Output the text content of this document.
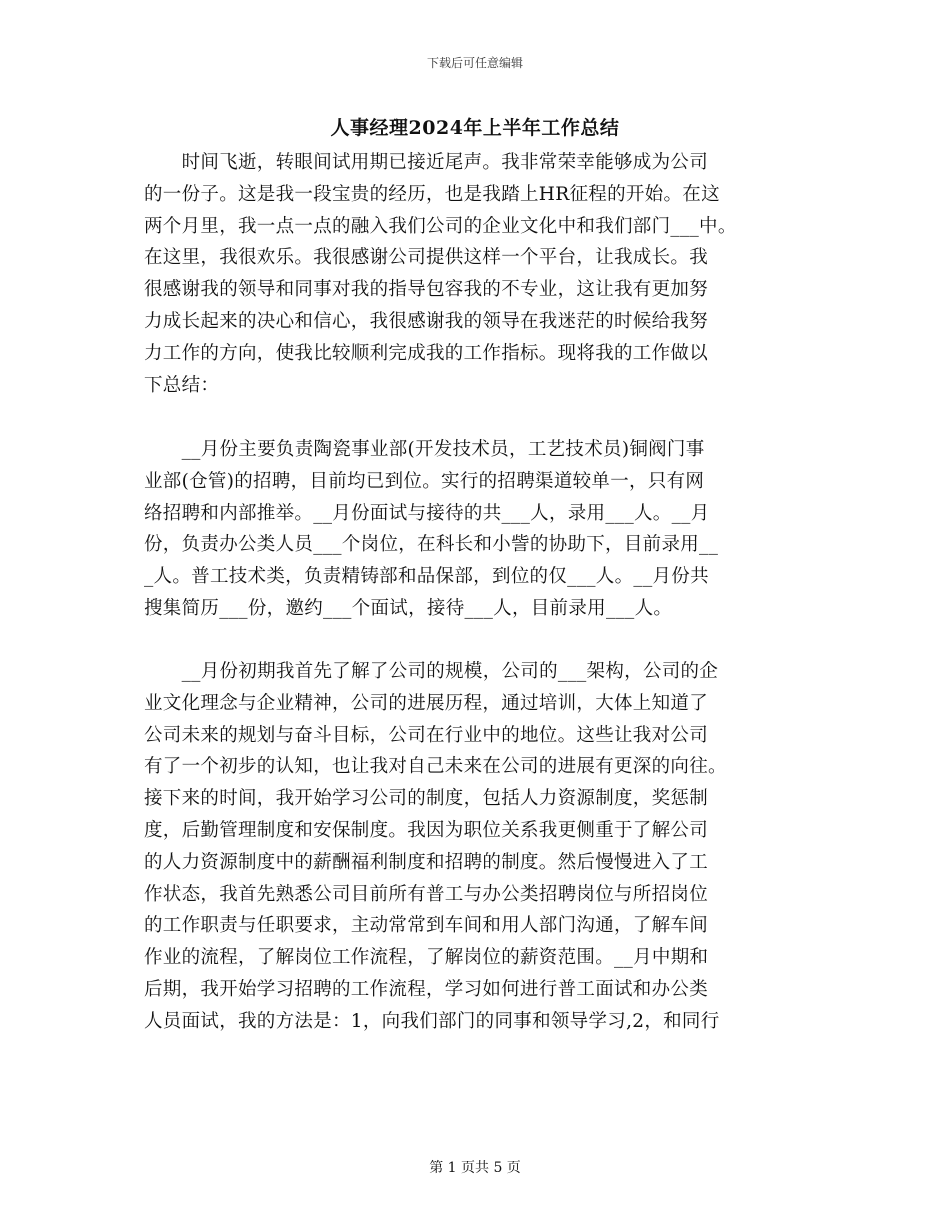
下载后可任意编辑
人事经理2024年上半年工作总结
　　时间飞逝，转眼间试用期已接近尾声。我非常荣幸能够成为公司
的一份子。这是我一段宝贵的经历，也是我踏上HR征程的开始。在这
两个月里，我一点一点的融入我们公司的企业文化中和我们部门___中。
在这里，我很欢乐。我很感谢公司提供这样一个平台，让我成长。我
很感谢我的领导和同事对我的指导包容我的不专业，这让我有更加努
力成长起来的决心和信心，我很感谢我的领导在我迷茫的时候给我努
力工作的方向，使我比较顺利完成我的工作指标。现将我的工作做以
下总结：
　　__月份主要负责陶瓷事业部(开发技术员，工艺技术员)铜阀门事
业部(仓管)的招聘，目前均已到位。实行的招聘渠道较单一，只有网
络招聘和内部推举。__月份面试与接待的共___人，录用___人。__月
份，负责办公类人员___个岗位，在科长和小訾的协助下，目前录用__
_人。普工技术类，负责精铸部和品保部，到位的仅___人。__月份共
搜集简历___份，邀约___个面试，接待___人，目前录用___人。
　　__月份初期我首先了解了公司的规模，公司的___架构，公司的企
业文化理念与企业精神，公司的进展历程，通过培训，大体上知道了
公司未来的规划与奋斗目标，公司在行业中的地位。这些让我对公司
有了一个初步的认知，也让我对自己未来在公司的进展有更深的向往。
接下来的时间，我开始学习公司的制度，包括人力资源制度，奖惩制
度，后勤管理制度和安保制度。我因为职位关系我更侧重于了解公司
的人力资源制度中的薪酬福利制度和招聘的制度。然后慢慢进入了工
作状态，我首先熟悉公司目前所有普工与办公类招聘岗位与所招岗位
的工作职责与任职要求，主动常常到车间和用人部门沟通，了解车间
作业的流程，了解岗位工作流程，了解岗位的薪资范围。__月中期和
后期，我开始学习招聘的工作流程，学习如何进行普工面试和办公类
人员面试，我的方法是：1，向我们部门的同事和领导学习,2，和同行
第 1 页共 5 页
